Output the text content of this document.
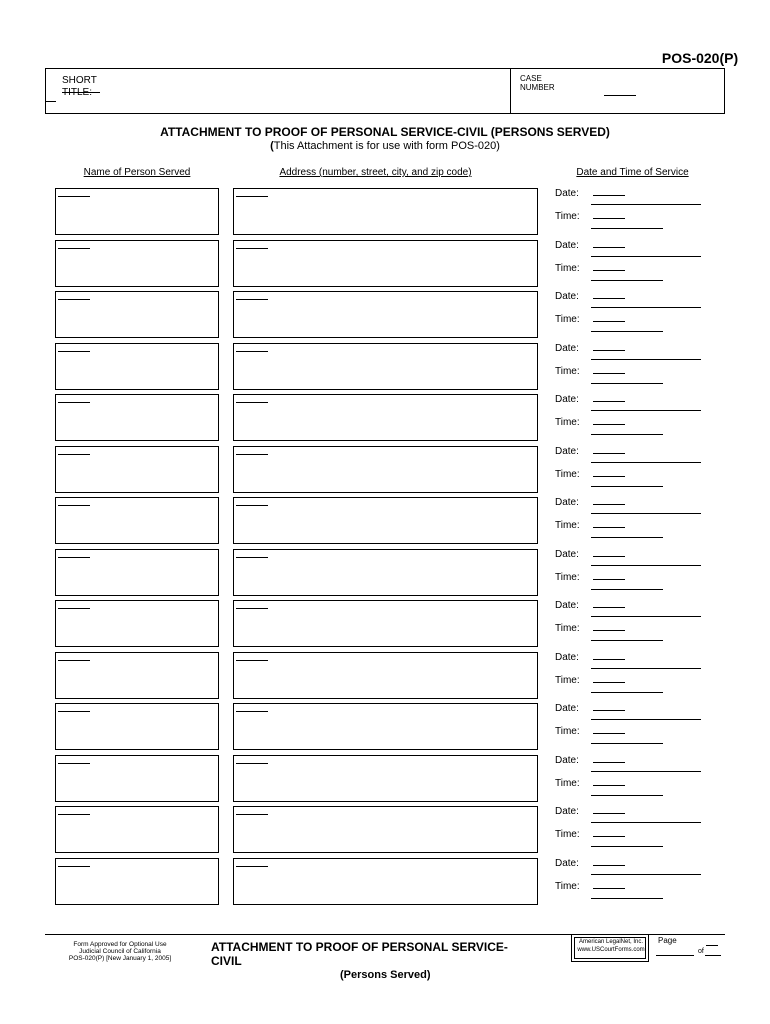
POS-020(P)
SHORT	CASE
NUMBER
ATTACHMENT TO PROOF OF PERSONAL SERVICE-CIVIL (PERSONS SERVED)
(This Attachment is for use with form POS-020)
Name of Person Served	Address (number, street, city, and zip code)	Date and Time of Service
Date:
Time:
Date:
Time:
Date:
Time:
Date:
Time:
Date:
Time:
Date:
Time:
Date:
Time:
Date:
Time:
Date:
Time:
Date:
Time:
Date:
Time:
Date:
Time:
Date:
Time:
Date:
Time:
Form Approved for Optional Use
Judicial Council of California
POS-020(P) [New January 1, 2005]
ATTACHMENT TO PROOF OF PERSONAL SERVICE-
CIVIL
(Persons Served)
American LegalNet, Inc.
www.USCourtForms.com
Page
of
